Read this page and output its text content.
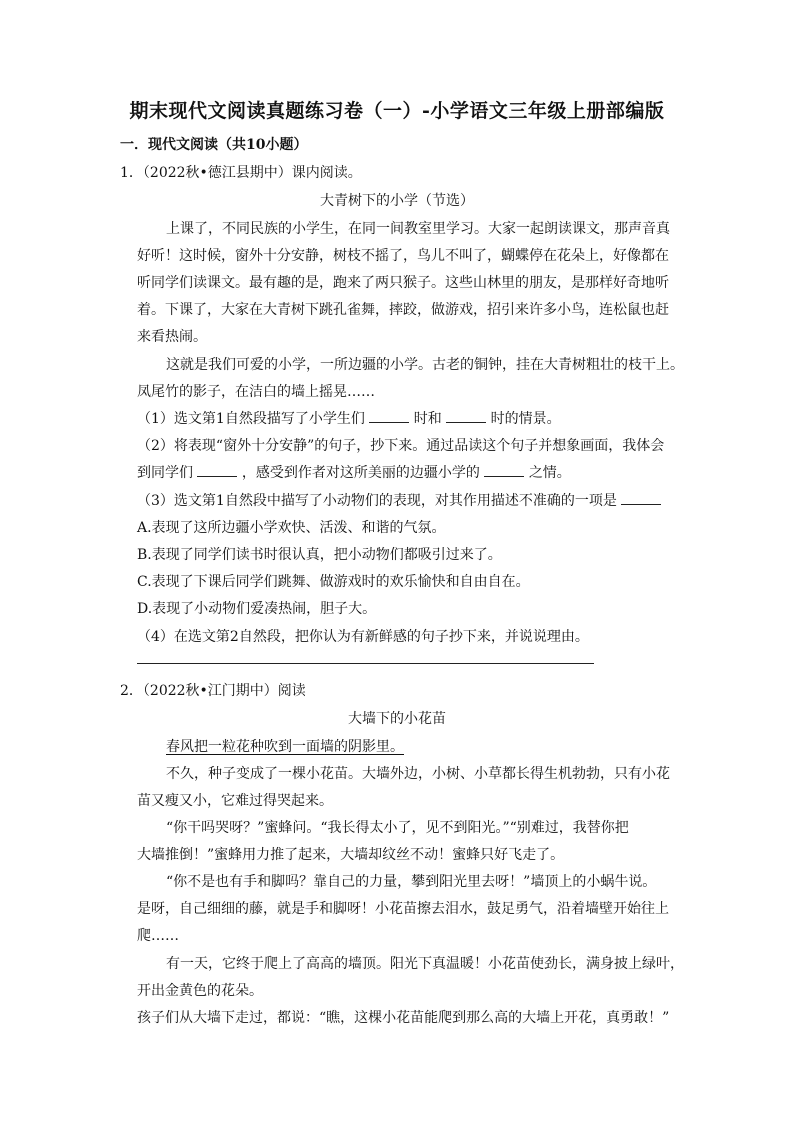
期末现代文阅读真题练习卷（一）-小学语文三年级上册部编版
一．现代文阅读（共10小题）
1．（2022秋•德江县期中）课内阅读。
大青树下的小学（节选）
上课了，不同民族的小学生，在同一间教室里学习。大家一起朗读课文，那声音真
好听！这时候，窗外十分安静，树枝不摇了，鸟儿不叫了，蝴蝶停在花朵上，好像都在
听同学们读课文。最有趣的是，跑来了两只猴子。这些山林里的朋友，是那样好奇地听
着。下课了，大家在大青树下跳孔雀舞，摔跤，做游戏，招引来许多小鸟，连松鼠也赶
来看热闹。
这就是我们可爱的小学，一所边疆的小学。古老的铜钟，挂在大青树粗壮的枝干上。
凤尾竹的影子，在洁白的墙上摇晃……
（1）选文第1自然段描写了小学生们	时和	时的情景。
（2）将表现“窗外十分安静”的句子，抄下来。通过品读这个句子并想象画面，我体会
到同学们	，感受到作者对这所美丽的边疆小学的	之情。
（3）选文第1自然段中描写了小动物们的表现，对其作用描述不准确的一项是
A.表现了这所边疆小学欢快、活泼、和谐的气氛。
B.表现了同学们读书时很认真，把小动物们都吸引过来了。
C.表现了下课后同学们跳舞、做游戏时的欢乐愉快和自由自在。
D.表现了小动物们爱凑热闹，胆子大。
（4）在选文第2自然段，把你认为有新鲜感的句子抄下来，并说说理由。
2．（2022秋•江门期中）阅读
大墙下的小花苗
春风把一粒花种吹到一面墙的阴影里。
不久，种子变成了一棵小花苗。大墙外边，小树、小草都长得生机勃勃，只有小花
苗又瘦又小，它难过得哭起来。
“你干吗哭呀？”蜜蜂问。“我长得太小了，见不到阳光。”“别难过，我替你把
大墙推倒！”蜜蜂用力推了起来，大墙却纹丝不动！蜜蜂只好飞走了。
“你不是也有手和脚吗？靠自己的力量，攀到阳光里去呀！”墙顶上的小蜗牛说。
是呀，自己细细的藤，就是手和脚呀！小花苗擦去泪水，鼓足勇气，沿着墙壁开始往上
爬……
有一天，它终于爬上了高高的墙顶。阳光下真温暖！小花苗使劲长，满身披上绿叶，
开出金黄色的花朵。
孩子们从大墙下走过，都说：“瞧，这棵小花苗能爬到那么高的大墙上开花，真勇敢！”
